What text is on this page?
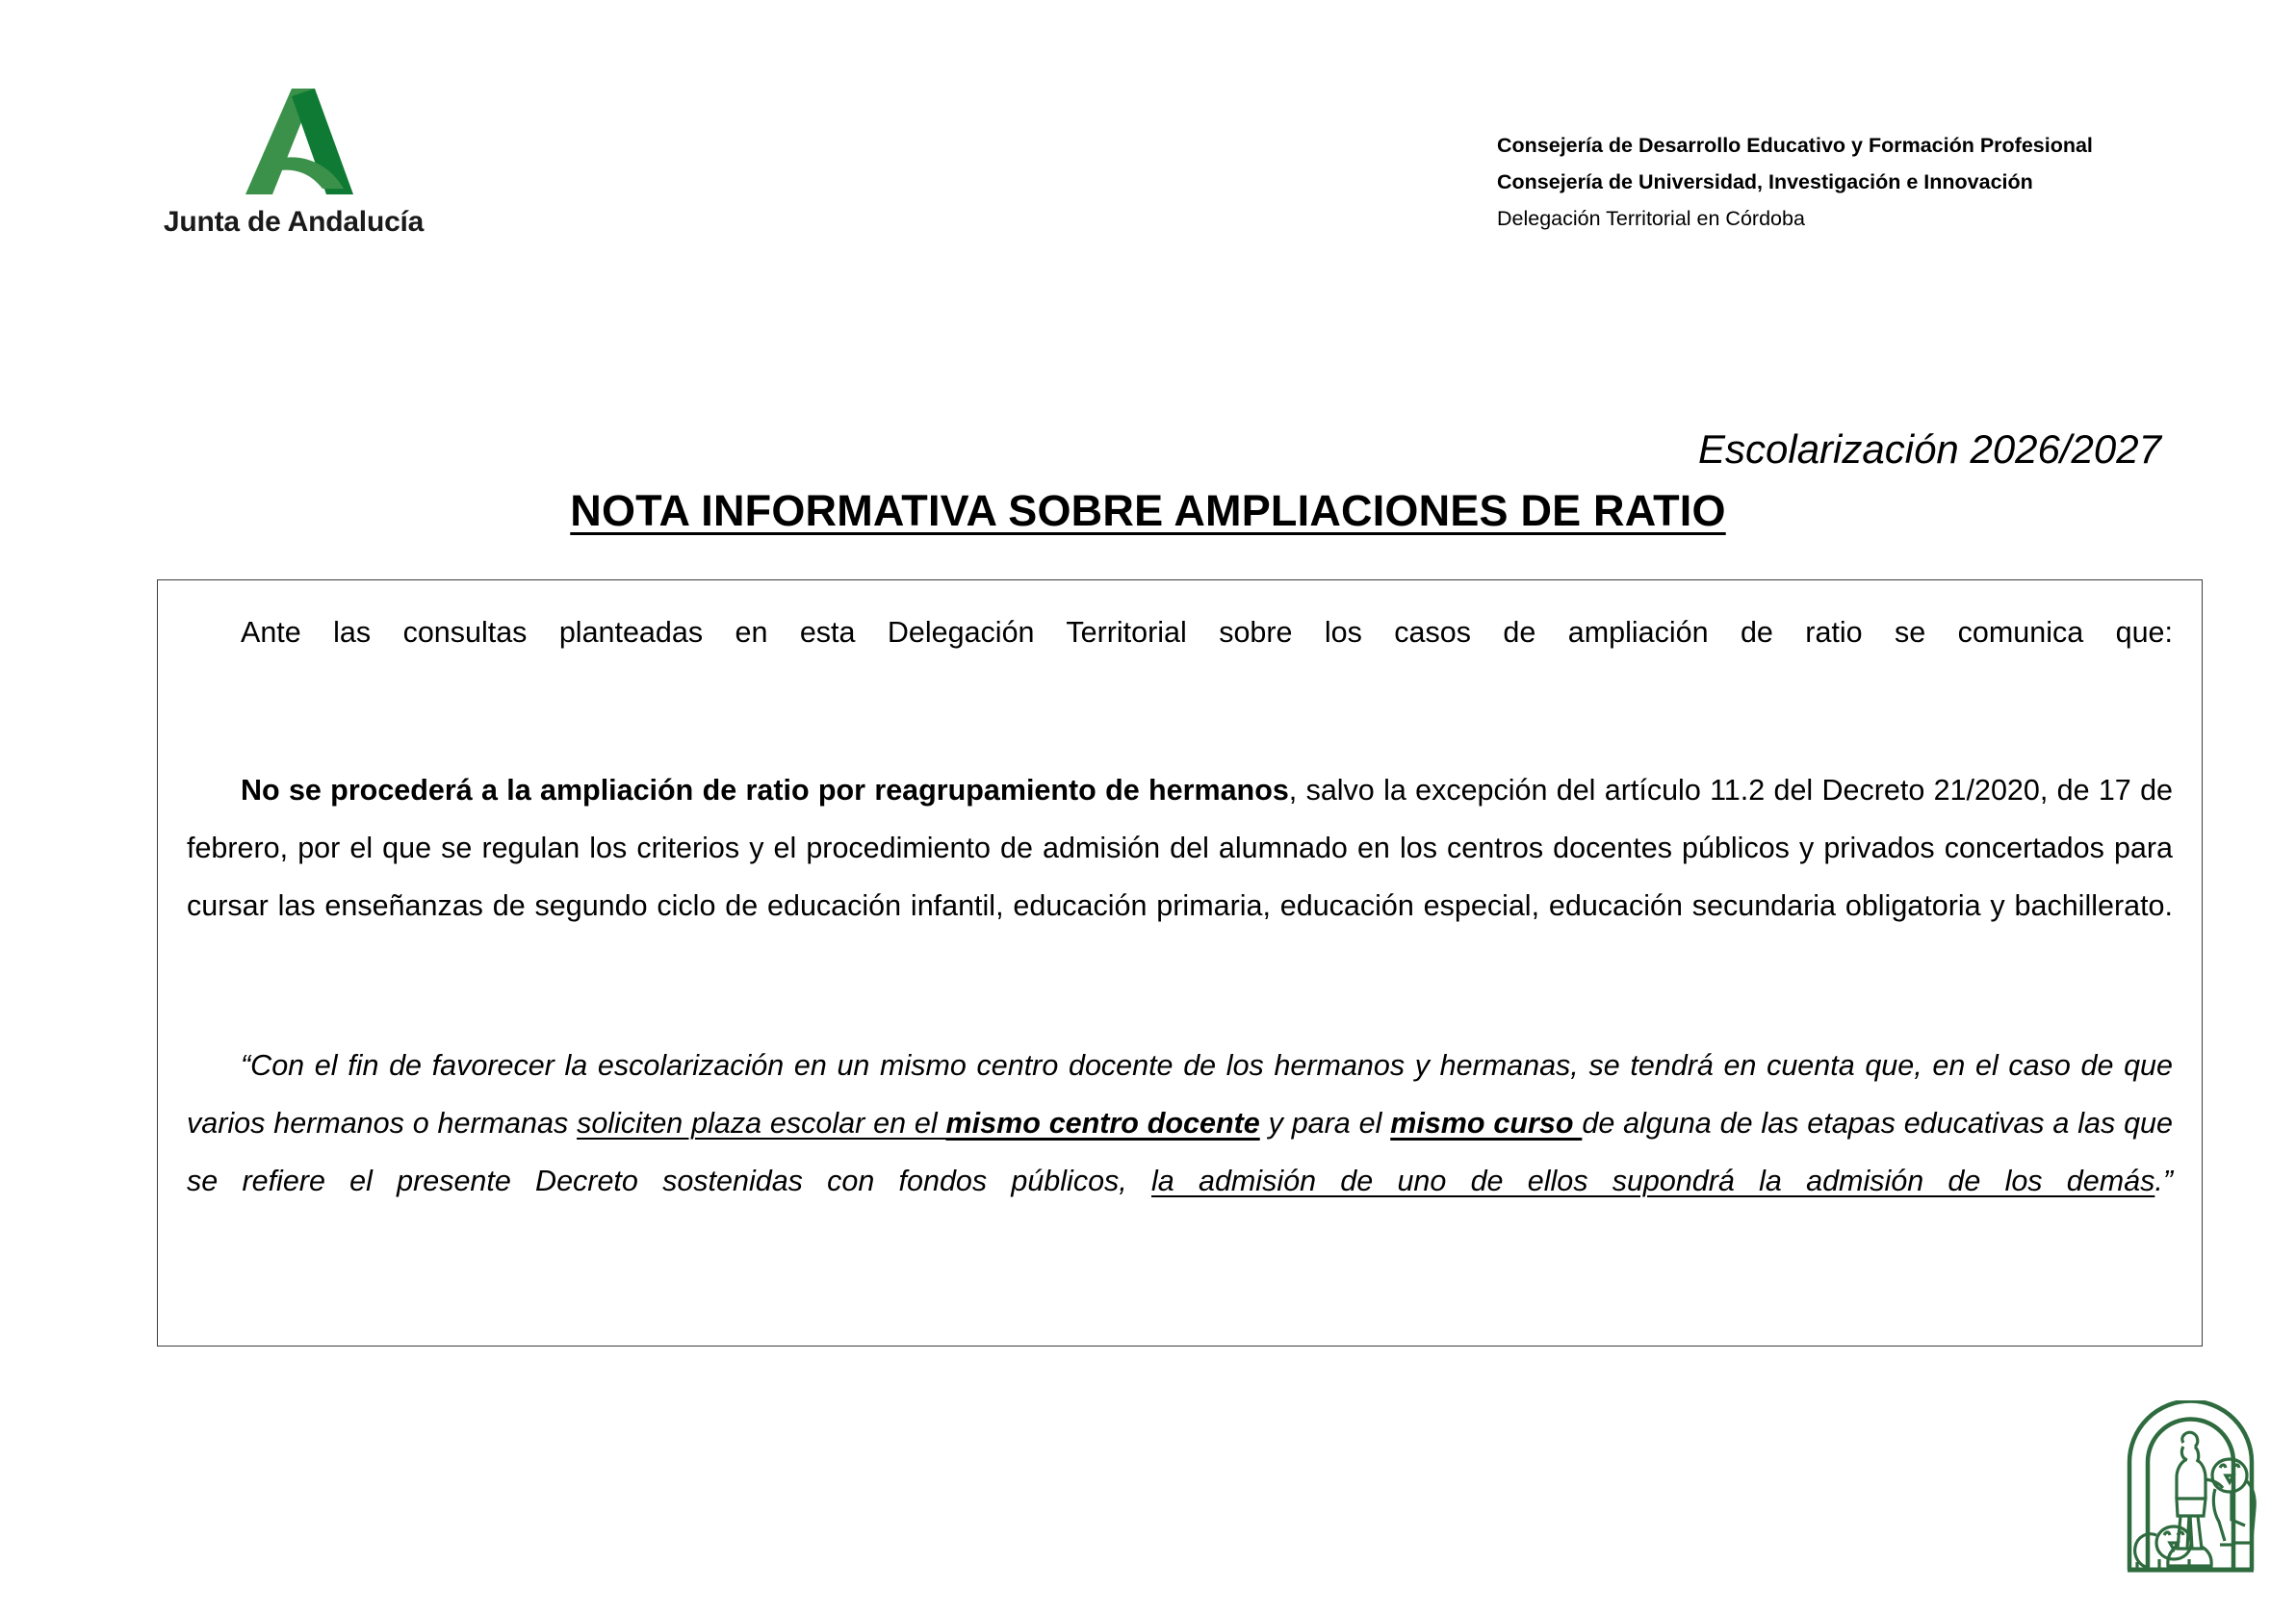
Junta de Andalucía
Consejería de Desarrollo Educativo y Formación Profesional
Consejería de Universidad, Investigación e Innovación
Delegación Territorial en Córdoba
Escolarización 2026/2027
NOTA INFORMATIVA SOBRE AMPLIACIONES DE RATIO

Ante las consultas planteadas en esta Delegación Territorial sobre los casos de ampliación de ratio se comunica que:

No se procederá a la ampliación de ratio por reagrupamiento de hermanos, salvo la excepción del artículo 11.2 del Decreto 21/2020, de 17 de febrero, por el que se regulan los criterios y el procedimiento de admisión del alumnado en los centros docentes públicos y privados concertados para cursar las enseñanzas de segundo ciclo de educación infantil, educación primaria, educación especial, educación secundaria obligatoria y bachillerato.

“Con el fin de favorecer la escolarización en un mismo centro docente de los hermanos y hermanas, se tendrá en cuenta que, en el caso de que varios hermanos o hermanas soliciten plaza escolar en el mismo centro docente y para el mismo curso de alguna de las etapas educativas a las que se refiere el presente Decreto sostenidas con fondos públicos, la admisión de uno de ellos supondrá la admisión de los demás.”
